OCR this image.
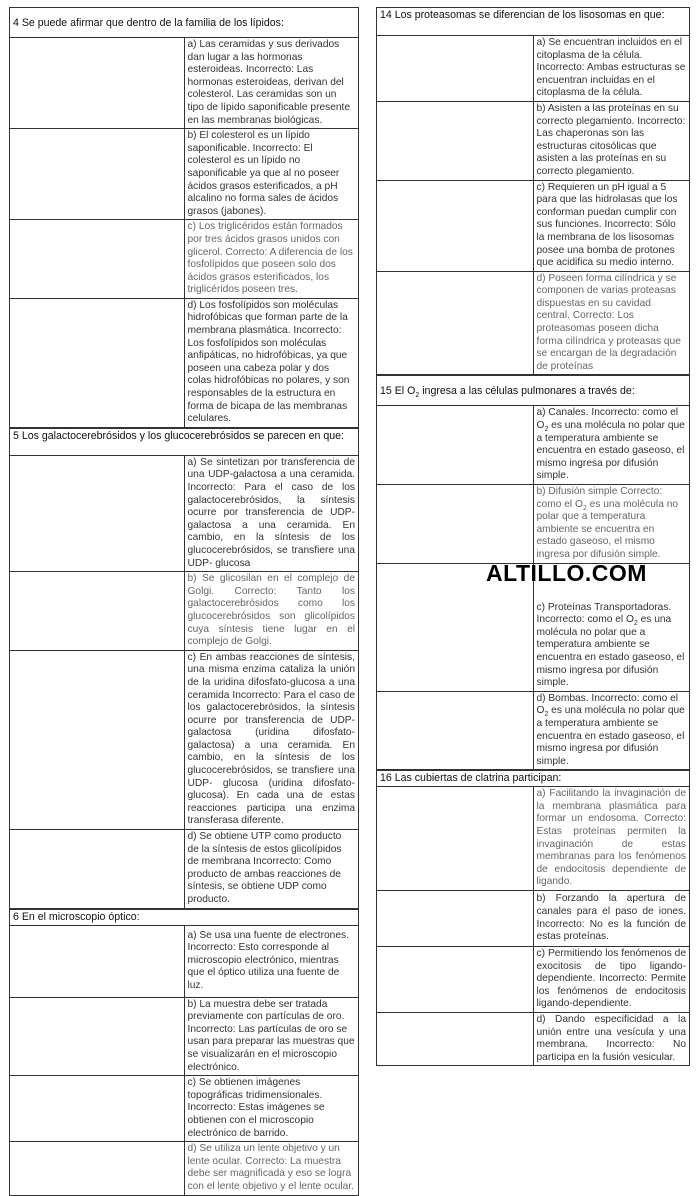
4 Se puede afirmar que dentro de la familia de los lípidos:	
	a) Las ceramidas y sus derivados dan lugar a las hormonas esteroideas. Incorrecto: Las hormonas esteroideas, derivan del colesterol. Las ceramidas son un tipo de lípido saponificable presente en las membranas biológicas.
	b) El colesterol es un lípido saponificable. Incorrecto: El colesterol es un lípido no saponificable ya que al no poseer ácidos grasos esterificados, a pH alcalino no forma sales de ácidos grasos (jabones).
	c) Los triglicéridos están formados por tres ácidos grasos unidos con glicerol. Correcto: A diferencia de los fosfolípidos que poseen solo dos ácidos grasos esterificados, los triglicéridos poseen tres.
	d) Los fosfolípidos son moléculas hidrofóbicas que forman parte de la membrana plasmática. Incorrecto: Los fosfolípidos son moléculas anfipáticas, no hidrofóbicas, ya que poseen una cabeza polar y dos colas hidrofóbicas no polares, y son responsables de la estructura en forma de bicapa de las membranas celulares.
5 Los galactocerebrósidos y los glucocerebrósidos se parecen en que:	
	a) Se sintetizan por transferencia de una UDP-galactosa a una ceramida. Incorrecto: Para el caso de los galactocerebrósidos, la síntesis ocurre por transferencia de UDP-galactosa a una ceramida. En cambio, en la síntesis de los glucocerebrósidos, se transfiere una UDP- glucosa
	b) Se glicosilan en el complejo de Golgi. Correcto: Tanto los galactocerebrósidos como los glucocerebrósidos son glicolípidos cuya síntesis tiene lugar en el complejo de Golgi.
	c) En ambas reacciones de síntesis, una misma enzima cataliza la unión de la uridina difosfato-glucosa a una ceramida Incorrecto: Para el caso de los galactocerebrósidos, la síntesis ocurre por transferencia de UDP-galactosa (uridina difosfato- galactosa) a una ceramida. En cambio, en la síntesis de los glucocerebrósidos, se transfiere una UDP- glucosa (uridina difosfato-glucosa). En cada una de estas reacciones participa una enzima transferasa diferente.
	d) Se obtiene UTP como producto de la síntesis de estos glicolípidos de membrana Incorrecto: Como producto de ambas reacciones de síntesis, se obtiene UDP como producto.
6 En el microscopio óptico:	
	a) Se usa una fuente de electrones. Incorrecto: Esto corresponde al microscopio electrónico, mientras que el óptico utiliza una fuente de luz.
	b) La muestra debe ser tratada previamente con partículas de oro. Incorrecto: Las partículas de oro se usan para preparar las muestras que se visualizarán en el microscopio electrónico.
	c) Se obtienen imágenes topográficas tridimensionales. Incorrecto: Estas imágenes se obtienen con el microscopio electrónico de barrido.
	d) Se utiliza un lente objetivo y un lente ocular. Correcto: La muestra debe ser magnificada y eso se logra con el lente objetivo y el lente ocular.
14 Los proteasomas se diferencian de los lisosomas en que:	
	a) Se encuentran incluidos en el citoplasma de la célula. Incorrecto: Ambas estructuras se encuentran incluidas en el citoplasma de la célula.
	b) Asisten a las proteínas en su correcto plegamiento. Incorrecto: Las chaperonas son las estructuras citosólicas que asisten a las proteínas en su correcto plegamiento.
	c) Requieren un pH igual a 5 para que las hidrolasas que los conforman puedan cumplir con sus funciones. Incorrecto: Sólo la membrana de los lisosomas posee una bomba de protones que acidifica su medio interno.
	d) Poseen forma cilíndrica y se componen de varias proteasas dispuestas en su cavidad central. Correcto: Los proteasomas poseen dicha forma cilíndrica y proteasas que se encargan de la degradación de proteínas
15 El $O_2$ ingresa a las células pulmonares a través de:	
	a) Canales. Incorrecto: como el $O_2$ es una molécula no polar que a temperatura ambiente se encuentra en estado gaseoso, el mismo ingresa por difusión simple.
	b) Difusión simple Correcto: como el $O_2$ es una molécula no polar que a temperatura ambiente se encuentra en estado gaseoso, el mismo ingresa por difusión simple.
	c) Proteínas Transportadoras. Incorrecto: como el $O_2$ es una molécula no polar que a temperatura ambiente se encuentra en estado gaseoso, el mismo ingresa por difusión simple.
	d) Bombas. Incorrecto: como el $O_2$ es una molécula no polar que a temperatura ambiente se encuentra en estado gaseoso, el mismo ingresa por difusión simple.
16 Las cubiertas de clatrina participan:	
	a) Facilitando la invaginación de la membrana plasmática para formar un endosoma. Correcto: Estas proteínas permiten la invaginación de estas membranas para los fenómenos de endocitosis dependiente de ligando.
	b) Forzando la apertura de canales para el paso de iones. Incorrecto: No es la función de estas proteínas.
	c) Permitiendo los fenómenos de exocitosis de tipo ligando-dependiente. Incorrecto: Permite los fenómenos de endocitosis ligando-dependiente.
	d) Dando especificidad a la unión entre una vesícula y una membrana. Incorrecto: No participa en la fusión vesicular.
ALTILLO.COM
